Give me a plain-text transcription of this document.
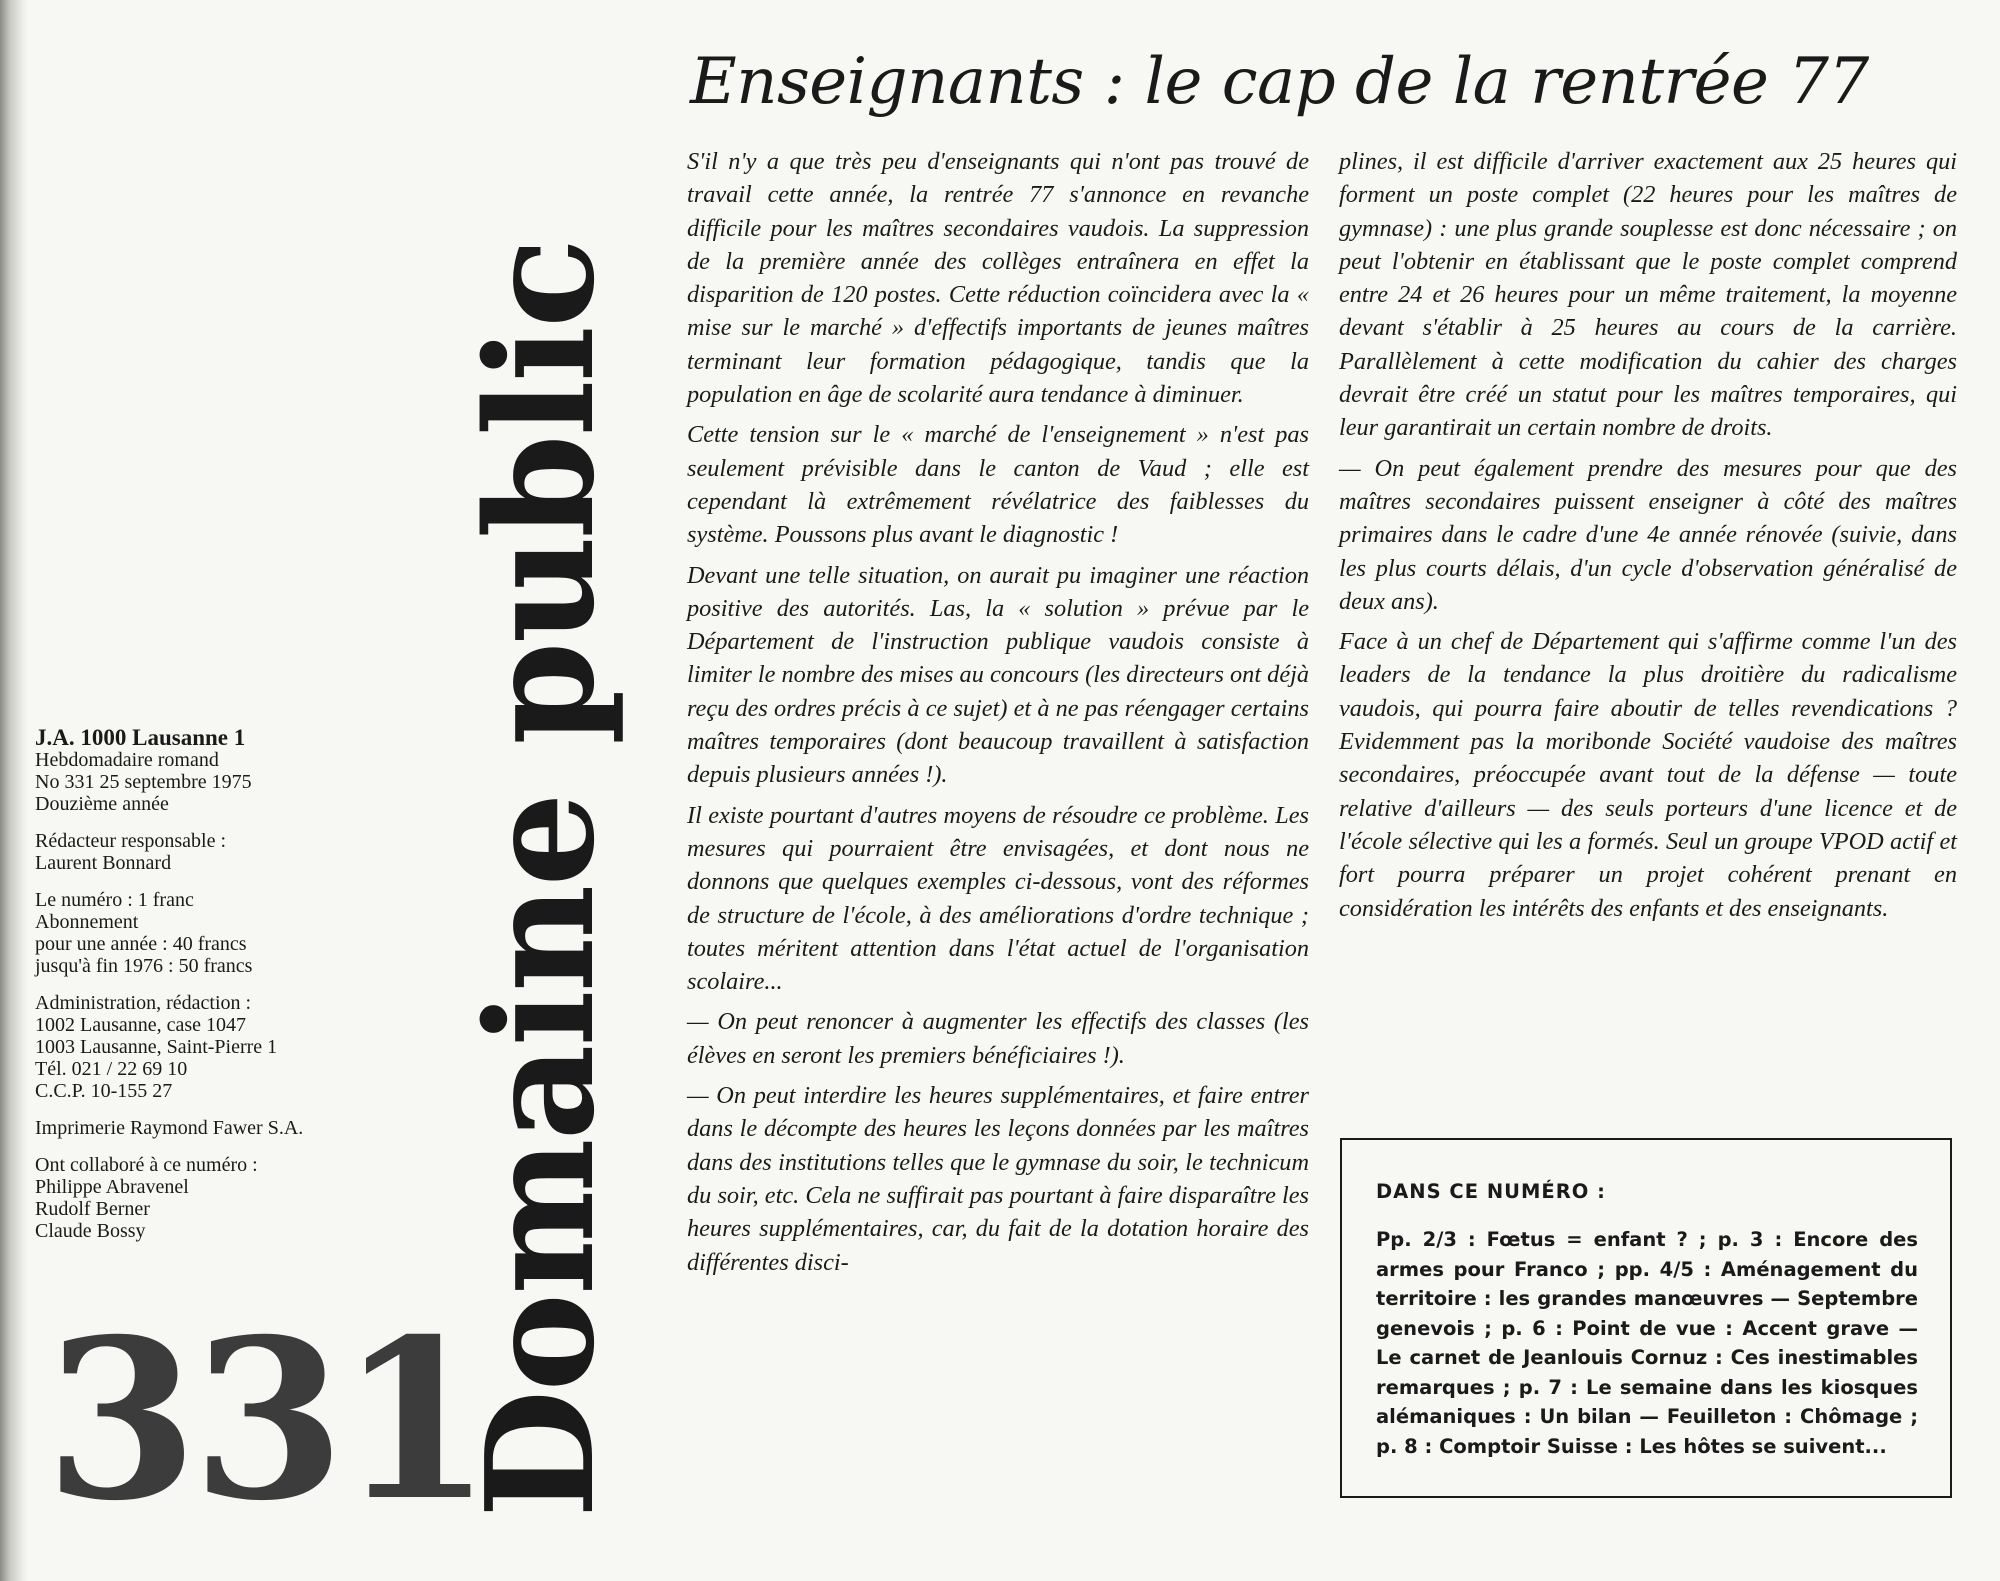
Enseignants : le cap de la rentrée 77
Domaine public

J.A. 1000 Lausanne 1
Hebdomadaire romand
No 331 25 septembre 1975
Douzième année

Rédacteur responsable :
Laurent Bonnard

Le numéro : 1 franc
Abonnement
pour une année : 40 francs
jusqu'à fin 1976 : 50 francs

Administration, rédaction :
1002 Lausanne, case 1047
1003 Lausanne, Saint-Pierre 1
Tél. 021 / 22 69 10
C.C.P. 10-155 27

Imprimerie Raymond Fawer S.A.

Ont collaboré à ce numéro :
Philippe Abravenel
Rudolf Berner
Claude Bossy

331

S'il n'y a que très peu d'enseignants qui n'ont pas trouvé de travail cette année, la rentrée 77 s'annonce en revanche difficile pour les maîtres secondaires vaudois. La suppression de la première année des collèges entraînera en effet la disparition de 120 postes. Cette réduction coïncidera avec la « mise sur le marché » d'effectifs importants de jeunes maîtres terminant leur formation pédagogique, tandis que la population en âge de scolarité aura tendance à diminuer.

Cette tension sur le « marché de l'enseignement » n'est pas seulement prévisible dans le canton de Vaud ; elle est cependant là extrêmement révélatrice des faiblesses du système. Poussons plus avant le diagnostic !

Devant une telle situation, on aurait pu imaginer une réaction positive des autorités. Las, la « solution » prévue par le Département de l'instruction publique vaudois consiste à limiter le nombre des mises au concours (les directeurs ont déjà reçu des ordres précis à ce sujet) et à ne pas réengager certains maîtres temporaires (dont beaucoup travaillent à satisfaction depuis plusieurs années !).

Il existe pourtant d'autres moyens de résoudre ce problème. Les mesures qui pourraient être envisagées, et dont nous ne donnons que quelques exemples ci-dessous, vont des réformes de structure de l'école, à des améliorations d'ordre technique ; toutes méritent attention dans l'état actuel de l'organisation scolaire...

— On peut renoncer à augmenter les effectifs des classes (les élèves en seront les premiers bénéficiaires !).

— On peut interdire les heures supplémentaires, et faire entrer dans le décompte des heures les leçons données par les maîtres dans des institutions telles que le gymnase du soir, le technicum du soir, etc. Cela ne suffirait pas pourtant à faire disparaître les heures supplémentaires, car, du fait de la dotation horaire des différentes disci-

plines, il est difficile d'arriver exactement aux 25 heures qui forment un poste complet (22 heures pour les maîtres de gymnase) : une plus grande souplesse est donc nécessaire ; on peut l'obtenir en établissant que le poste complet comprend entre 24 et 26 heures pour un même traitement, la moyenne devant s'établir à 25 heures au cours de la carrière. Parallèlement à cette modification du cahier des charges devrait être créé un statut pour les maîtres temporaires, qui leur garantirait un certain nombre de droits.

— On peut également prendre des mesures pour que des maîtres secondaires puissent enseigner à côté des maîtres primaires dans le cadre d'une 4e année rénovée (suivie, dans les plus courts délais, d'un cycle d'observation généralisé de deux ans).

Face à un chef de Département qui s'affirme comme l'un des leaders de la tendance la plus droitière du radicalisme vaudois, qui pourra faire aboutir de telles revendications ? Evidemment pas la moribonde Société vaudoise des maîtres secondaires, préoccupée avant tout de la défense — toute relative d'ailleurs — des seuls porteurs d'une licence et de l'école sélective qui les a formés. Seul un groupe VPOD actif et fort pourra préparer un projet cohérent prenant en considération les intérêts des enfants et des enseignants.

DANS CE NUMÉRO :
Pp. 2/3 : Fœtus = enfant ? ; p. 3 : Encore des armes pour Franco ; pp. 4/5 : Aménagement du territoire : les grandes manœuvres — Septembre genevois ; p. 6 : Point de vue : Accent grave — Le carnet de Jeanlouis Cornuz : Ces inestimables remarques ; p. 7 : Le semaine dans les kiosques alémaniques : Un bilan — Feuilleton : Chômage ; p. 8 : Comptoir Suisse : Les hôtes se suivent...
